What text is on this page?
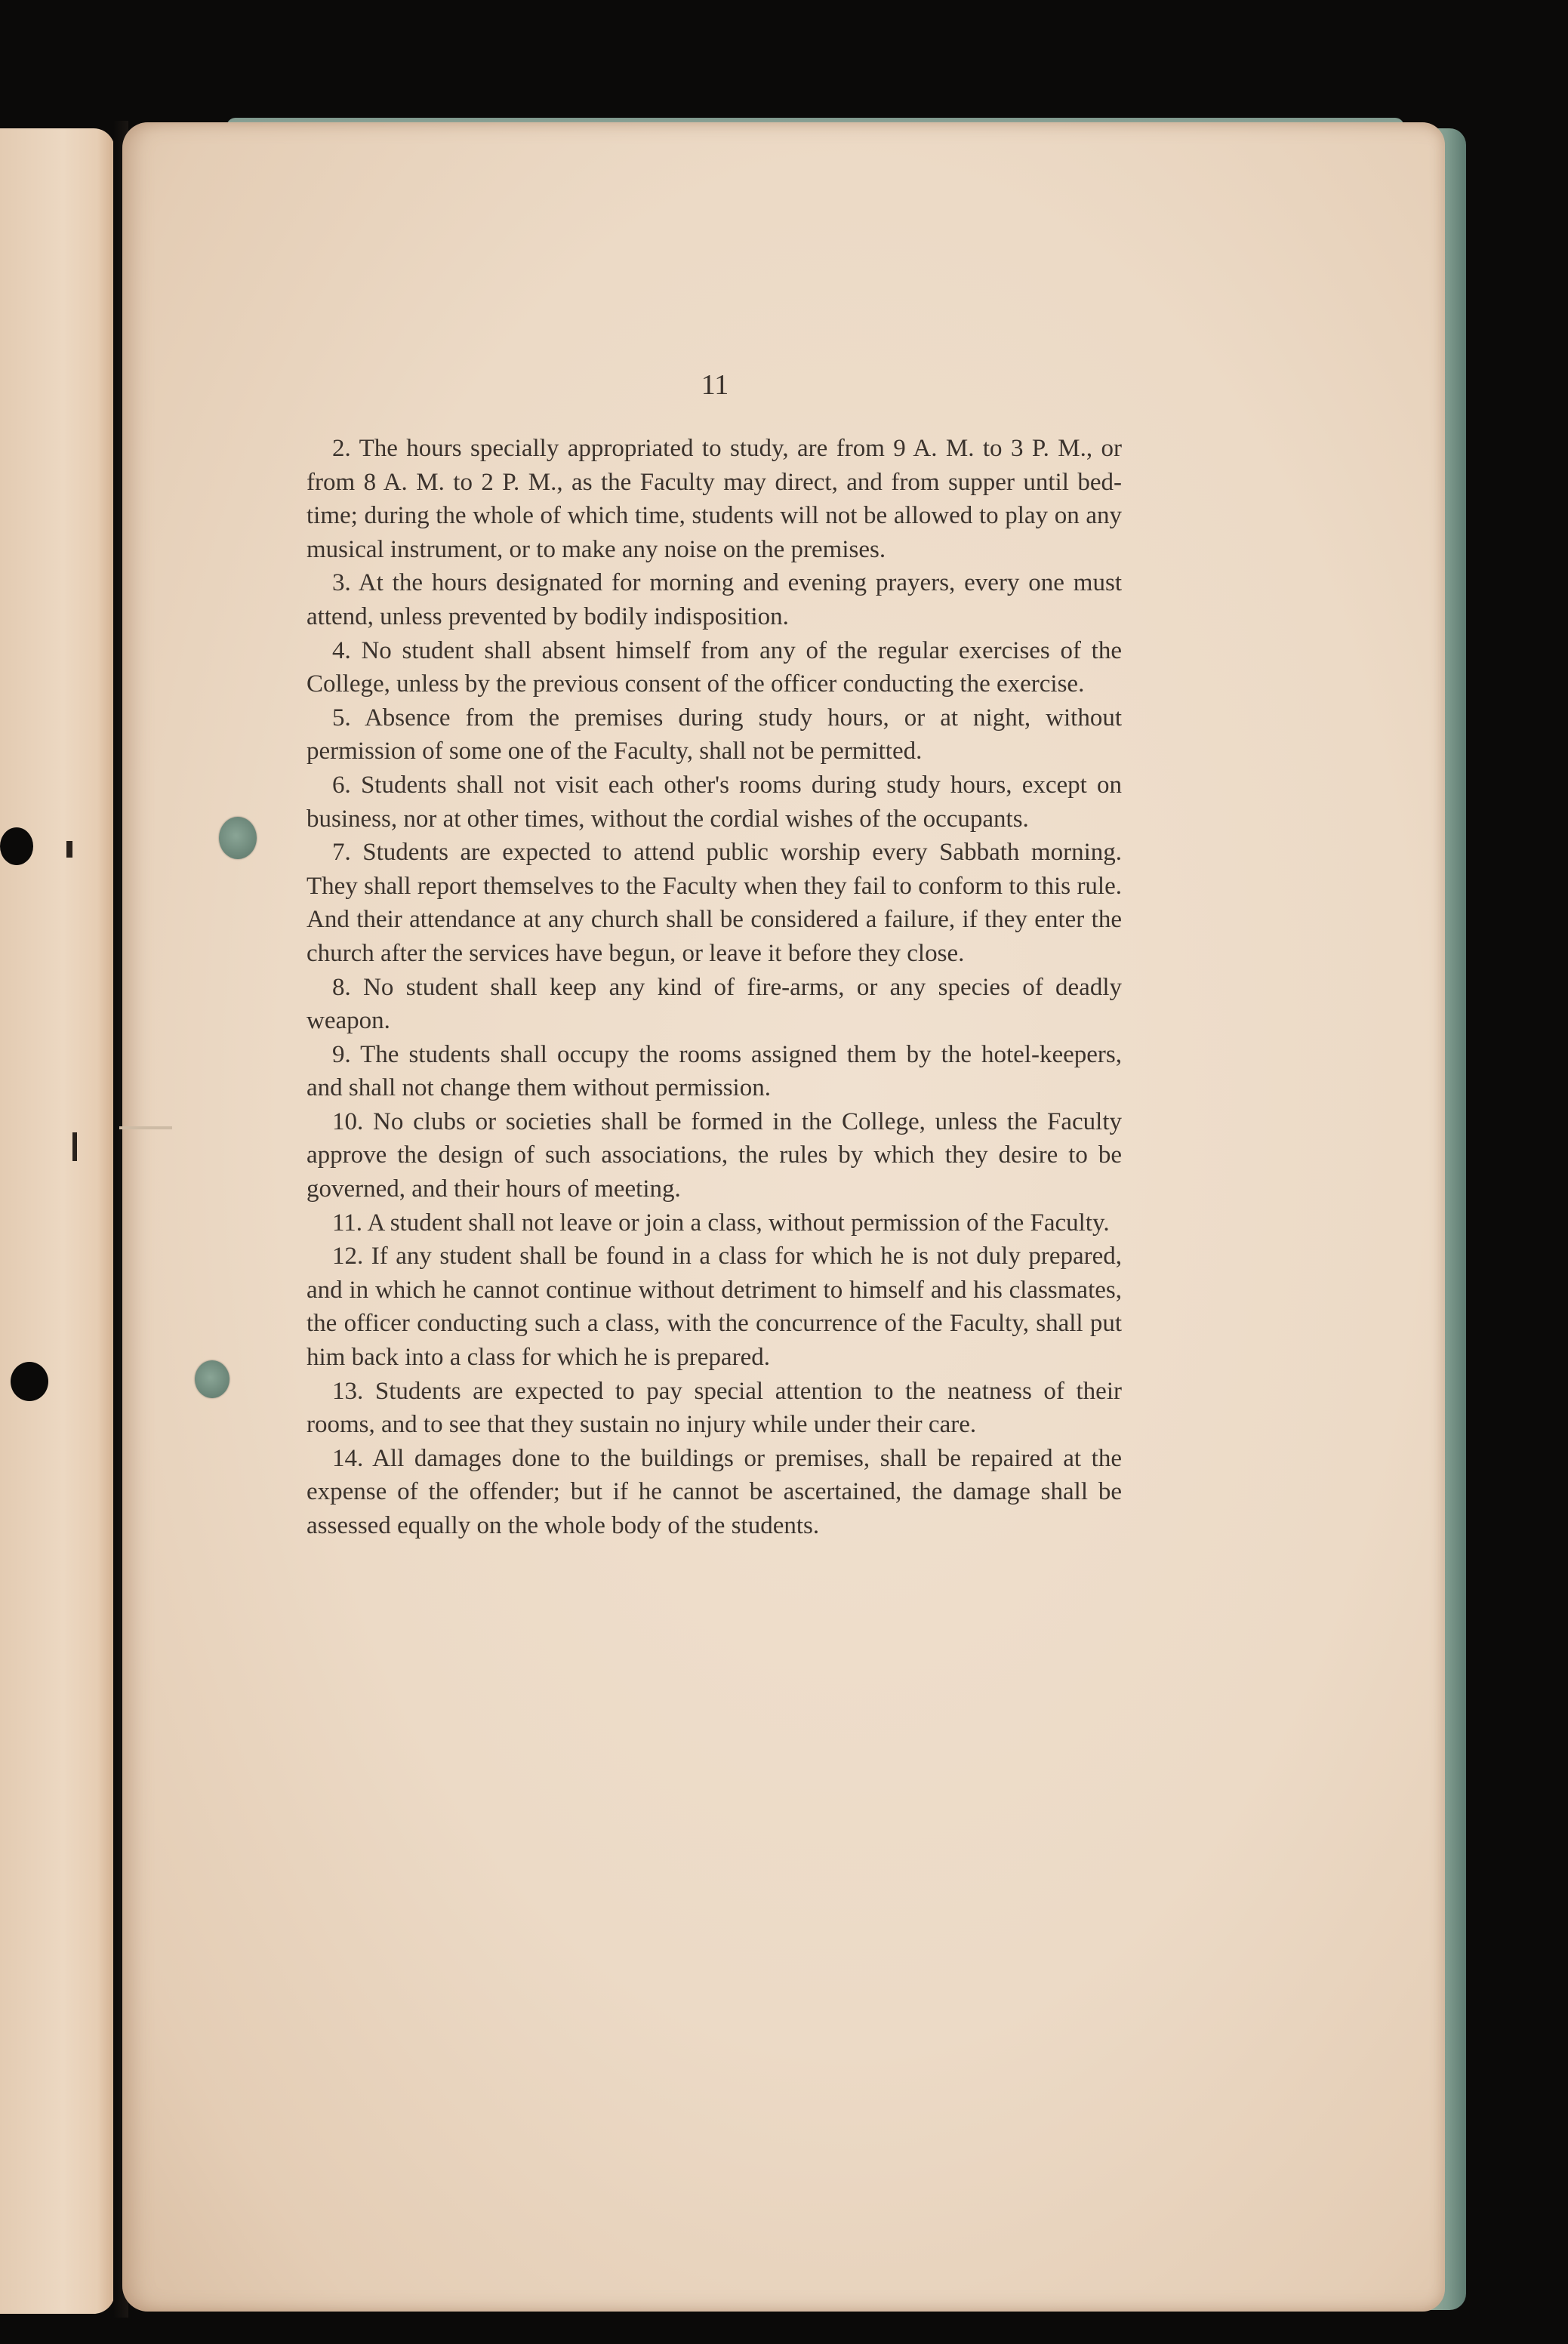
11

2. The hours specially appropriated to study, are from 9 A. M. to 3 P. M., or from 8 A. M. to 2 P. M., as the Faculty may direct, and from supper until bed-time; during the whole of which time, students will not be allowed to play on any musical instrument, or to make any noise on the premises.

3. At the hours designated for morning and evening prayers, every one must attend, unless prevented by bodily indisposition.

4. No student shall absent himself from any of the regular exercises of the College, unless by the previous consent of the officer conducting the exercise.

5. Absence from the premises during study hours, or at night, without permission of some one of the Faculty, shall not be permitted.

6. Students shall not visit each other's rooms during study hours, except on business, nor at other times, without the cordial wishes of the occupants.

7. Students are expected to attend public worship every Sabbath morning. They shall report themselves to the Faculty when they fail to conform to this rule. And their attendance at any church shall be considered a failure, if they enter the church after the services have begun, or leave it before they close.

8. No student shall keep any kind of fire-arms, or any species of deadly weapon.

9. The students shall occupy the rooms assigned them by the hotel-keepers, and shall not change them without permission.

10. No clubs or societies shall be formed in the College, unless the Faculty approve the design of such associations, the rules by which they desire to be governed, and their hours of meeting.

11. A student shall not leave or join a class, without permission of the Faculty.

12. If any student shall be found in a class for which he is not duly prepared, and in which he cannot continue without detriment to himself and his classmates, the officer conducting such a class, with the concurrence of the Faculty, shall put him back into a class for which he is prepared.

13. Students are expected to pay special attention to the neatness of their rooms, and to see that they sustain no injury while under their care.

14. All damages done to the buildings or premises, shall be repaired at the expense of the offender; but if he cannot be ascertained, the damage shall be assessed equally on the whole body of the students.
